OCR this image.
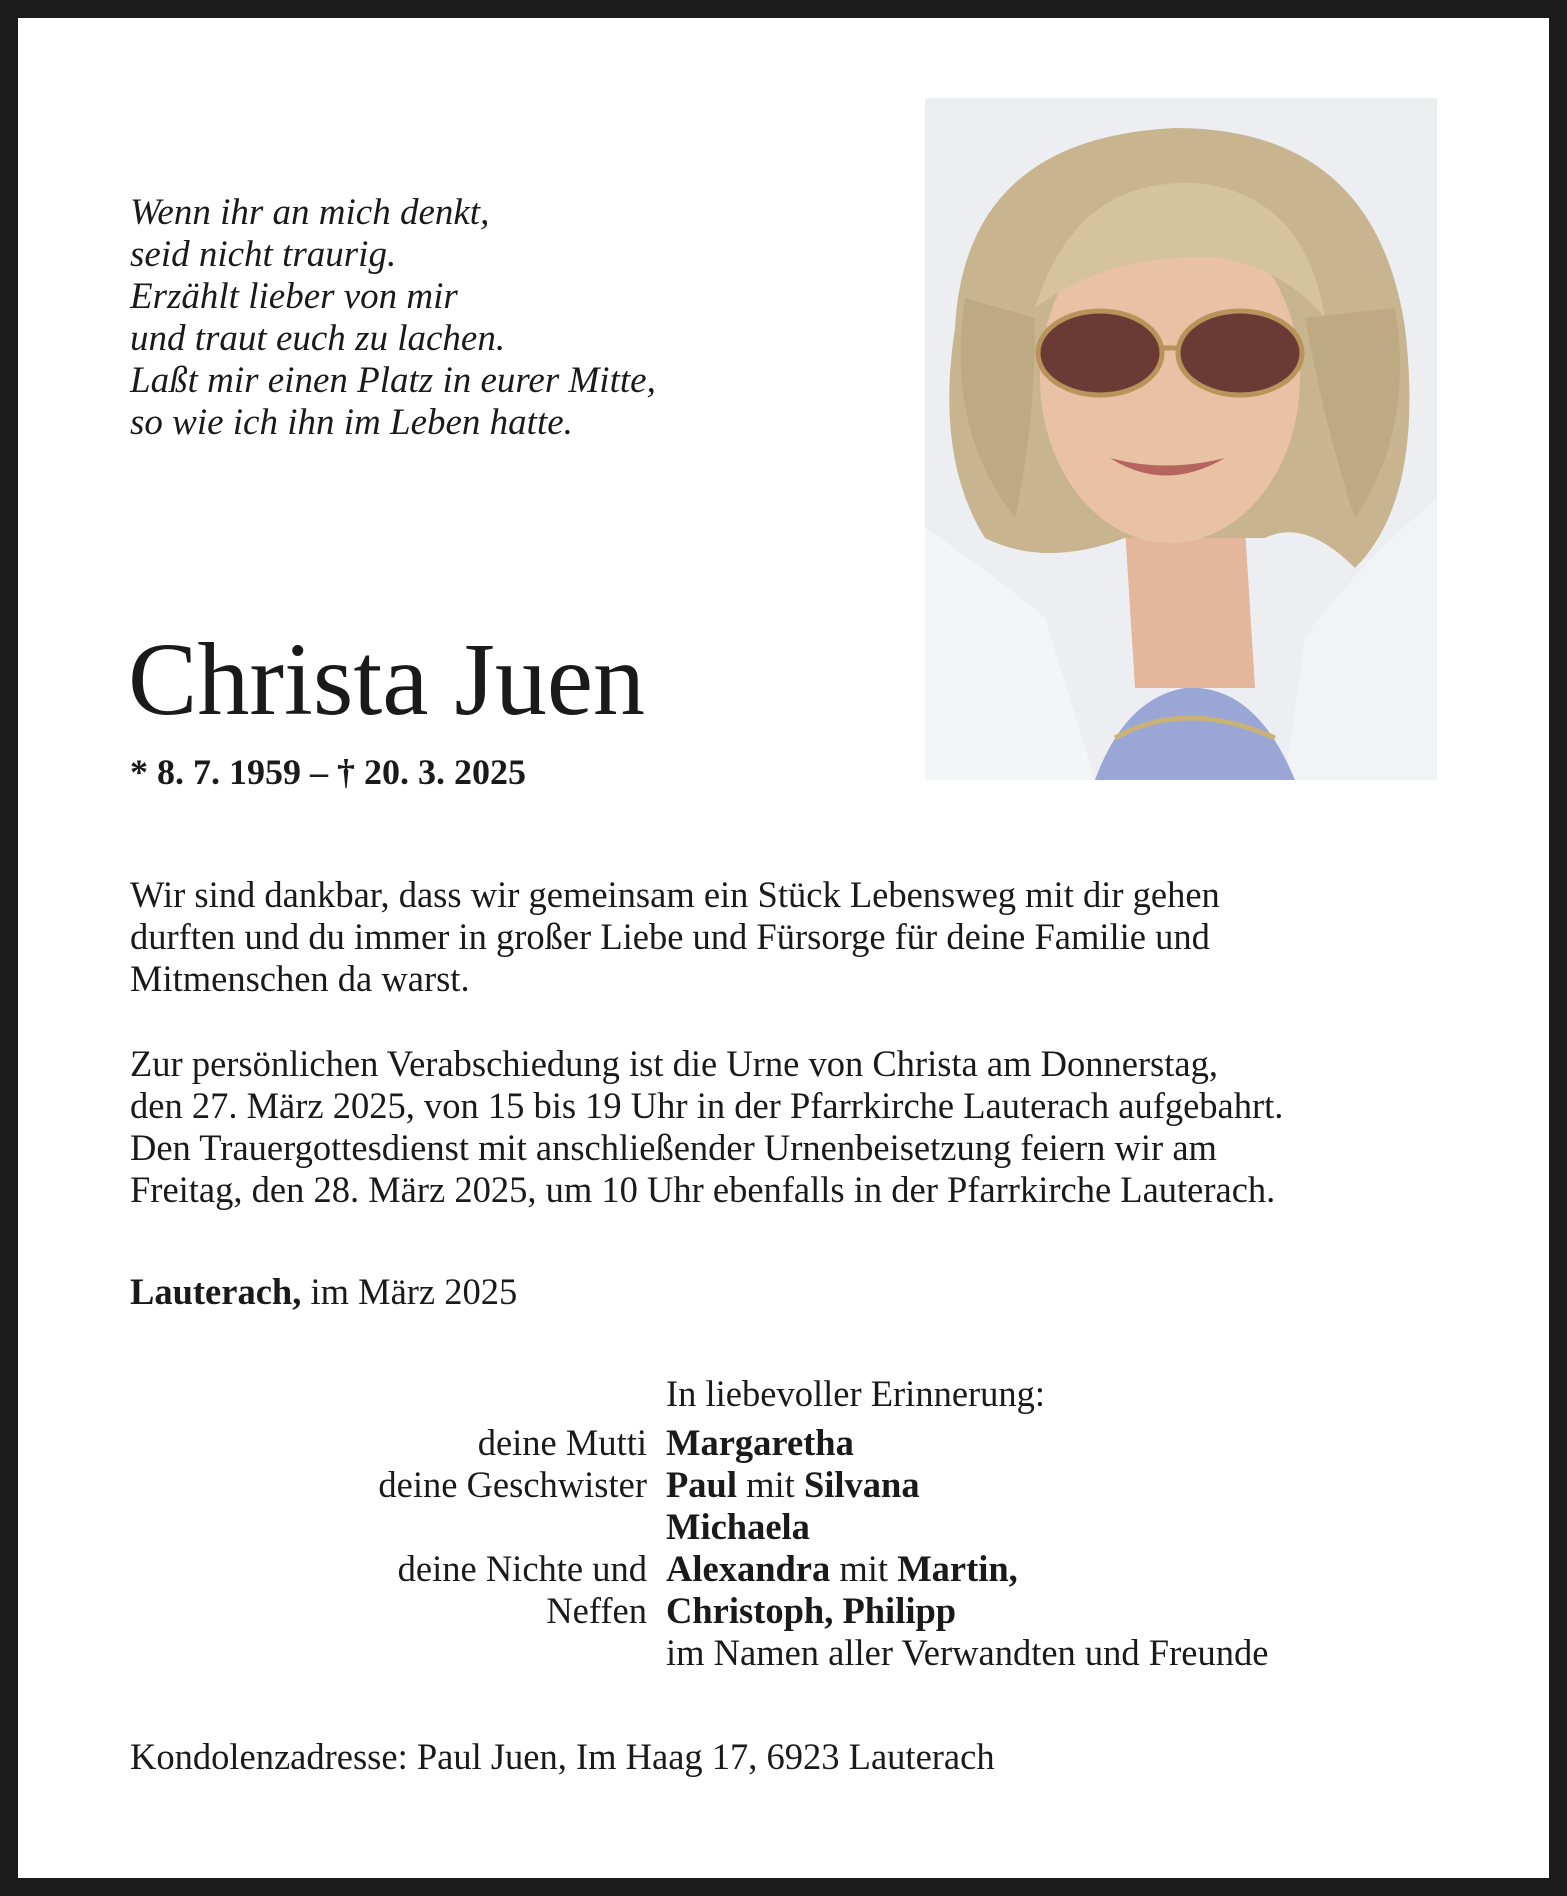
Wenn ihr an mich denkt,
seid nicht traurig.
Erzählt lieber von mir
und traut euch zu lachen.
Laßt mir einen Platz in eurer Mitte,
so wie ich ihn im Leben hatte.
Christa Juen
* 8. 7. 1959 – † 20. 3. 2025
Wir sind dankbar, dass wir gemeinsam ein Stück Lebensweg mit dir gehen
durften und du immer in großer Liebe und Fürsorge für deine Familie und
Mitmenschen da warst.
Zur persönlichen Verabschiedung ist die Urne von Christa am Donnerstag,
den 27. März 2025, von 15 bis 19 Uhr in der Pfarrkirche Lauterach aufgebahrt.
Den Trauergottesdienst mit anschließender Urnenbeisetzung feiern wir am
Freitag, den 28. März 2025, um 10 Uhr ebenfalls in der Pfarrkirche Lauterach.
Lauterach, im März 2025
In liebevoller Erinnerung:
deine Mutti Margaretha
deine Geschwister Paul mit Silvana
Michaela
deine Nichte und Alexandra mit Martin,
Neffen Christoph, Philipp
im Namen aller Verwandten und Freunde
Kondolenzadresse: Paul Juen, Im Haag 17, 6923 Lauterach
